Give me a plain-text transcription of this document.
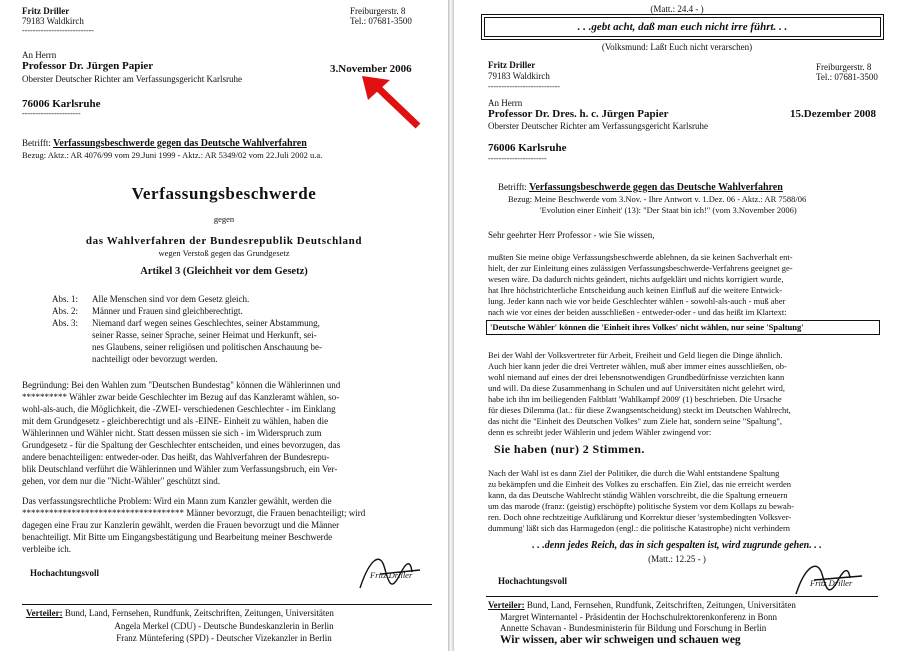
Fritz Driller
79183 Waldkirch
---------------------------
Freiburgerstr. 8
Tel.: 07681-3500
An Herrn
Professor Dr. Jürgen Papier	3.November 2006
Oberster Deutscher Richter am Verfassungsgericht Karlsruhe
76006 Karlsruhe
----------------------
Betrifft: Verfassungsbeschwerde gegen das Deutsche Wahlverfahren
Bezug: Aktz.: AR 4076/99 vom 29.Juni 1999 - Aktz.: AR 5349/02 vom 22.Juli 2002 u.a.
Verfassungsbeschwerde
gegen
das Wahlverfahren der Bundesrepublik Deutschland
wegen Verstoß gegen das Grundgesetz
Artikel 3 (Gleichheit vor dem Gesetz)
Abs. 1: Alle Menschen sind vor dem Gesetz gleich.
Abs. 2: Männer und Frauen sind gleichberechtigt.
Abs. 3: Niemand darf wegen seines Geschlechtes, seiner Abstammung,
seiner Rasse, seiner Sprache, seiner Heimat und Herkunft, sei-
nes Glaubens, seiner religiösen und politischen Anschauung be-
nachteiligt oder bevorzugt werden.
Begründung: Bei den Wahlen zum "Deutschen Bundestag" können die Wählerinnen und
********** Wähler zwar beide Geschlechter im Bezug auf das Kanzleramt wählen, so-
wohl-als-auch, die Möglichkeit, die -ZWEI- verschiedenen Geschlechter - im Einklang
mit dem Grundgesetz - gleichberechtigt und als -EINE- Einheit zu wählen, haben die
Wählerinnen und Wähler nicht. Statt dessen müssen sie sich - im Widerspruch zum
Grundgesetz - für die Spaltung der Geschlechter entscheiden, und eines bevorzugen, das
andere benachteiligen: entweder-oder. Das heißt, das Wahlverfahren der Bundesrepu-
blik Deutschland verführt die Wählerinnen und Wähler zum Verfassungsbruch, ein Ver-
gehen, vor dem nur die "Nicht-Wähler" geschützt sind.
Das verfassungsrechtliche Problem: Wird ein Mann zum Kanzler gewählt, werden die
************************************ Männer bevorzugt, die Frauen benachteiligt; wird
dagegen eine Frau zur Kanzlerin gewählt, werden die Frauen bevorzugt und die Männer
benachteiligt. Mit Bitte um Eingangsbestätigung und Bearbeitung meiner Beschwerde
verbleibe ich.
Hochachtungsvoll	Fritz Driller
Verteiler: Bund, Land, Fernsehen, Rundfunk, Zeitschriften, Zeitungen, Universitäten
Angela Merkel (CDU) - Deutsche Bundeskanzlerin in Berlin
Franz Müntefering (SPD) - Deutscher Vizekanzler in Berlin
(Matt.: 24.4 - )
. . .gebt acht, daß man euch nicht irre führt. . .
(Volksmund: Laßt Euch nicht verarschen)
Fritz Driller
79183 Waldkirch
---------------------------
Freiburgerstr. 8
Tel.: 07681-3500
An Herrn
Professor Dr. Dres. h. c. Jürgen Papier	15.Dezember 2008
Oberster Deutscher Richter am Verfassungsgericht Karlsruhe
76006 Karlsruhe
----------------------
Betrifft: Verfassungsbeschwerde gegen das Deutsche Wahlverfahren
Bezug: Meine Beschwerde vom 3.Nov. - Ihre Antwort v. 1.Dez. 06 - Aktz.: AR 7588/06
'Evolution einer Einheit' (13): "Der Staat bin ich!" (vom 3.November 2006)
Sehr geehrter Herr Professor - wie Sie wissen,
mußten Sie meine obige Verfassungsbeschwerde ablehnen, da sie keinen Sachverhalt ent-
hielt, der zur Einleitung eines zulässigen Verfassungsbeschwerde-Verfahrens geeignet ge-
wesen wäre. Da dadurch nichts geändert, nichts aufgeklärt und nichts korrigiert wurde,
hat Ihre höchstrichterliche Entscheidung auch keinen Einfluß auf die weitere Entwick-
lung. Jeder kann nach wie vor beide Geschlechter wählen - sowohl-als-auch - muß aber
nach wie vor eines der beiden ausschließen - entweder-oder - und das heißt im Klartext:
'Deutsche Wähler' können die 'Einheit ihres Volkes' nicht wählen, nur seine 'Spaltung'
Bei der Wahl der Volksvertreter für Arbeit, Freiheit und Geld liegen die Dinge ähnlich.
Auch hier kann jeder die drei Vertreter wählen, muß aber immer eines ausschließen, ob-
wohl niemand auf eines der drei lebensnotwendigen Grundbedürfnisse verzichten kann
und will. Da diese Zusammenhang in Schulen und auf Universitäten nicht gelehrt wird,
habe ich ihn im beiliegenden Faltblatt 'Wahlkampf 2009' (1) beschrieben. Die Ursache
für dieses Dilemma (lat.: für diese Zwangsentscheidung) steckt im Deutschen Wahlrecht,
das nicht die "Einheit des Deutschen Volkes" zum Ziele hat, sondern seine "Spaltung",
denn es schreibt jeder Wählerin und jedem Wähler zwingend vor:
Sie haben (nur) 2 Stimmen.
Nach der Wahl ist es dann Ziel der Politiker, die durch die Wahl entstandene Spaltung
zu bekämpfen und die Einheit des Volkes zu erschaffen. Ein Ziel, das nie erreicht werden
kann, da das Deutsche Wahlrecht ständig Wählen vorschreibt, die die Spaltung erneuern
um das marode (franz: (geistig) erschöpfte) politische System vor dem Kollaps zu bewah-
ren. Doch ohne rechtzeitige Aufklärung und Korrektur dieser 'systembedingten Volksver-
dummung' läßt sich das Harmagedon (engl.: die politische Katastrophe) nicht verhindern
. . .denn jedes Reich, das in sich gespalten ist, wird zugrunde gehen. . .
(Matt.: 12.25 - )
Hochachtungsvoll	Fritz Driller
Verteiler: Bund, Land, Fernsehen, Rundfunk, Zeitschriften, Zeitungen, Universitäten
Margret Winternantel - Präsidentin der Hochschulrektorenkonferenz in Bonn
Annette Schavan - Bundesministerin für Bildung und Forschung in Berlin
Wir wissen, aber wir schweigen und schauen weg
